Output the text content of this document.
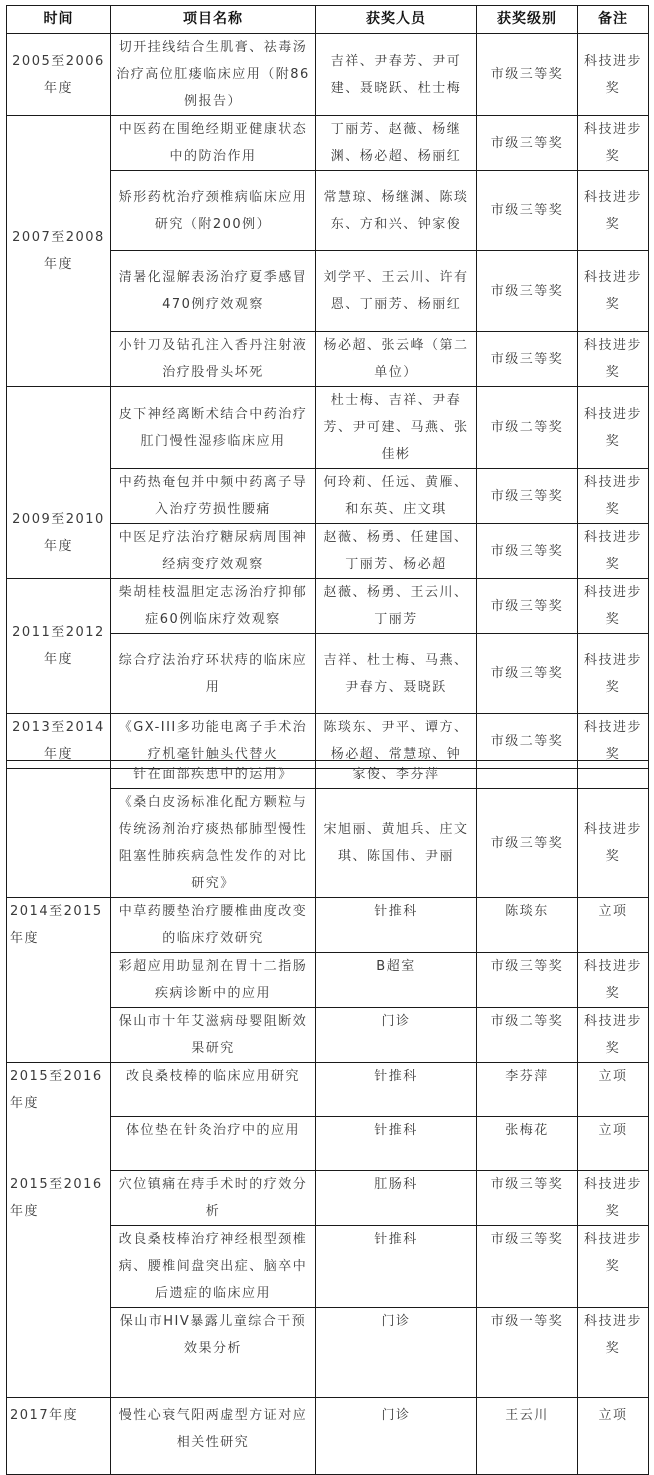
时间	项目名称	获奖人员	获奖级别	备注
2005至2006年度	切开挂线结合生肌膏、祛毒汤治疗高位肛瘘临床应用（附86例报告）	吉祥、尹春芳、尹可建、聂晓跃、杜士梅	市级三等奖	科技进步奖
2007至2008年度	中医药在围绝经期亚健康状态中的防治作用	丁丽芳、赵薇、杨继渊、杨必超、杨丽红	市级三等奖	科技进步奖
	矫形药枕治疗颈椎病临床应用研究（附200例）	常慧琼、杨继渊、陈琰东、方和兴、钟家俊	市级三等奖	科技进步奖
	清暑化湿解表汤治疗夏季感冒470例疗效观察	刘学平、王云川、许有恩、丁丽芳、杨丽红	市级三等奖	科技进步奖
	小针刀及钻孔注入香丹注射液治疗股骨头坏死	杨必超、张云峰（第二单位）	市级三等奖	科技进步奖
2009至2010年度	皮下神经离断术结合中药治疗肛门慢性湿疹临床应用	杜士梅、吉祥、尹春芳、尹可建、马燕、张佳彬	市级二等奖	科技进步奖
	中药热奄包并中频中药离子导入治疗劳损性腰痛	何玲莉、任远、黄雁、和东英、庄文琪	市级三等奖	科技进步奖
	中医足疗法治疗糖尿病周围神经病变疗效观察	赵薇、杨勇、任建国、丁丽芳、杨必超	市级三等奖	科技进步奖
2011至2012年度	柴胡桂枝温胆定志汤治疗抑郁症60例临床疗效观察	赵薇、杨勇、王云川、丁丽芳	市级三等奖	科技进步奖
	综合疗法治疗环状痔的临床应用	吉祥、杜士梅、马燕、尹春方、聂晓跃	市级三等奖	科技进步奖
2013至2014年度	《GX-III多功能电离子手术治疗机毫针触头代替火	陈琰东、尹平、谭方、杨必超、常慧琼、钟	市级二等奖	科技进步奖
	针在面部疾患中的运用》	家俊、李芬萍		
	《桑白皮汤标准化配方颗粒与传统汤剂治疗痰热郁肺型慢性阻塞性肺疾病急性发作的对比研究》	宋旭丽、黄旭兵、庄文琪、陈国伟、尹丽	市级三等奖	科技进步奖
2014至2015年度	中草药腰垫治疗腰椎曲度改变的临床疗效研究	针推科	陈琰东	立项
	彩超应用助显剂在胃十二指肠疾病诊断中的应用	B超室	市级三等奖	科技进步奖
	保山市十年艾滋病母婴阻断效果研究	门诊	市级二等奖	科技进步奖
2015至2016年度
2015至2016年度	改良桑枝棒的临床应用研究	针推科	李芬萍	立项
	体位垫在针灸治疗中的应用	针推科	张梅花	立项
	穴位镇痛在痔手术时的疗效分析	肛肠科	市级三等奖	科技进步奖
	改良桑枝棒治疗神经根型颈椎病、腰椎间盘突出症、脑卒中后遗症的临床应用	针推科	市级三等奖	科技进步奖
	保山市HIV暴露儿童综合干预效果分析	门诊	市级一等奖	科技进步奖
2017年度	慢性心衰气阳两虚型方证对应相关性研究	门诊	王云川	立项
